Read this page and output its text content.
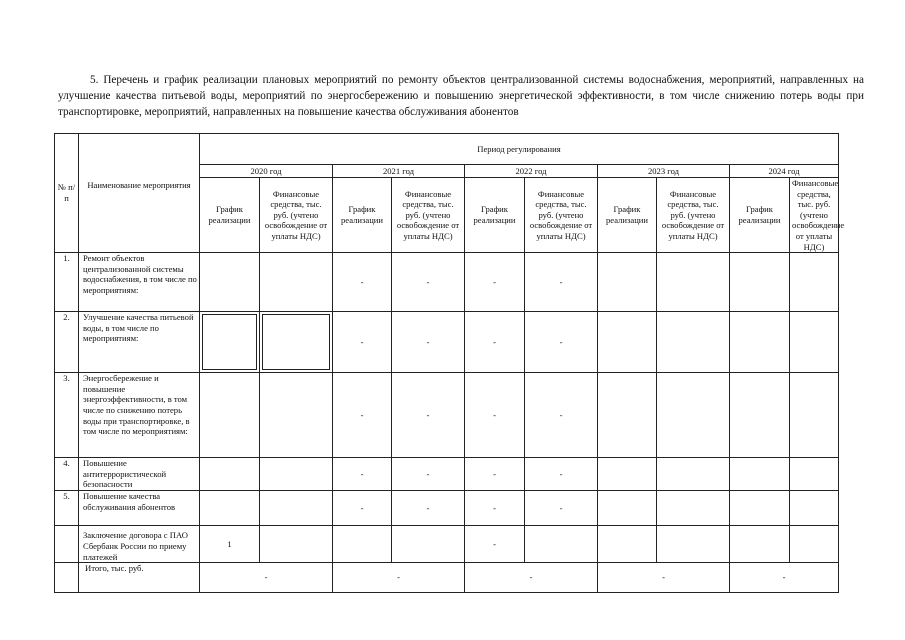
5. Перечень и график реализации плановых мероприятий по ремонту объектов централизованной системы водоснабжения, мероприятий, направленных на улучшение качества питьевой воды, мероприятий по энергосбережению и повышению энергетической эффективности, в том числе снижению потерь воды при транспортировке, мероприятий, направленных на повышение качества обслуживания абонентов
№ п/п	Наименование мероприятия	Период регулирования									
		2020 год		2021 год		2022 год		2023 год		2024 год	
		График реализации	Финансовые средства, тыс. руб. (учтено освобождение от уплаты НДС)	График реализации	Финансовые средства, тыс. руб. (учтено освобождение от уплаты НДС)	График реализации	Финансовые средства, тыс. руб. (учтено освобождение от уплаты НДС)	График реализации	Финансовые средства, тыс. руб. (учтено освобождение от уплаты НДС)	График реализации	Финансовые средства, тыс. руб. (учтено освобождение от уплаты НДС)
1.	Ремонт объектов централизованной системы водоснабжения, в том числе по мероприятиям:			-	-	-	-				
2.	Улучшение качества питьевой воды, в том числе по мероприятиям:			-	-	-	-				
3.	Энергосбережение и повышение энергоэффективности, в том числе по снижению потерь воды при транспортировке, в том числе по мероприятиям:			-	-	-	-				
4.	Повышение антитеррористической безопасности			-	-	-	-				
5.	Повышение качества обслуживания абонентов			-	-	-	-				
	Заключение договора с ПАО Сбербанк России по приему платежей	1				-					
	Итого, тыс. руб.	-		-		-		-		-	
